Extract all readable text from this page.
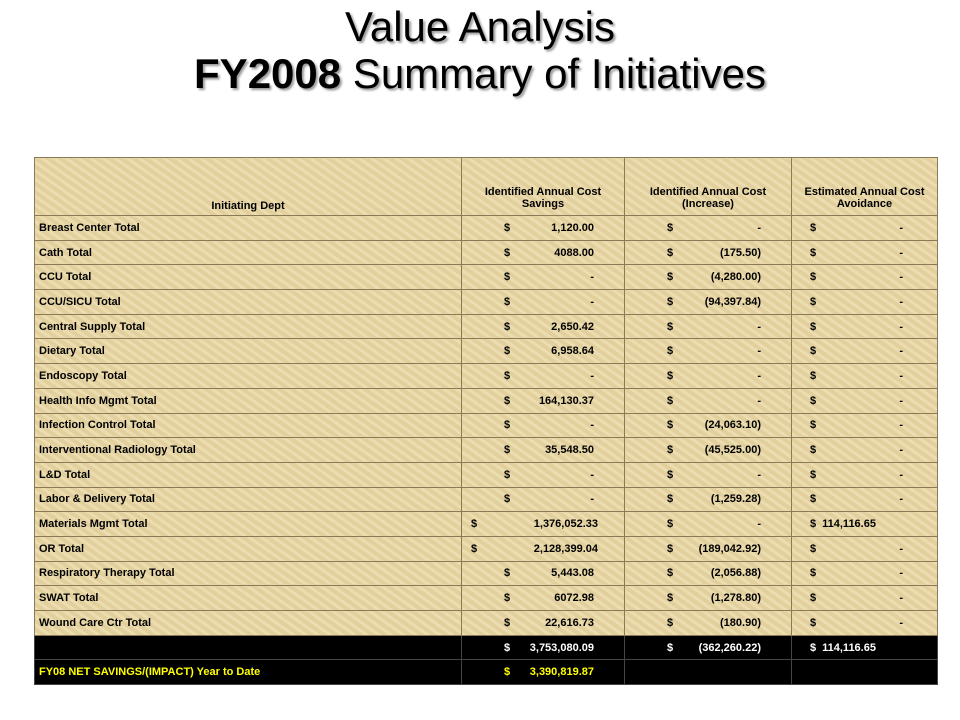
Value Analysis
FY2008 Summary of Initiatives
Initiating Dept	Identified Annual Cost Savings	Identified Annual Cost (Increase)	Estimated Annual Cost Avoidance
Breast Center Total	$ 1,120.00	$ -	$ -

Cath Total	$ 4088.00	$ (175.50)	$ -

CCU Total	$ -	$ (4,280.00)	$ -

CCU/SICU Total	$ -	$ (94,397.84)	$ -

Central Supply Total	$ 2,650.42	$ -	$ -

Dietary Total	$ 6,958.64	$ -	$ -

Endoscopy Total	$ -	$ -	$ -

Health Info Mgmt Total	$ 164,130.37	$ -	$ -

Infection Control Total	$ -	$ (24,063.10)	$ -

Interventional Radiology Total	$ 35,548.50	$ (45,525.00)	$ -

L&D Total	$ -	$ -	$ -

Labor & Delivery Total	$ -	$ (1,259.28)	$ -

Materials Mgmt Total	$ 1,376,052.33	$ -	$ 114,116.65

OR Total	$ 2,128,399.04	$ (189,042.92)	$ -

Respiratory Therapy Total	$ 5,443.08	$ (2,056.88)	$ -

SWAT Total	$ 6072.98	$ (1,278.80)	$ -

Wound Care Ctr Total	$ 22,616.73	$ (180.90)	$ -

	$ 3,753,080.09	$ (362,260.22)	$ 114,116.65

FY08 NET SAVINGS/(IMPACT) Year to Date	$ 3,390,819.87		
